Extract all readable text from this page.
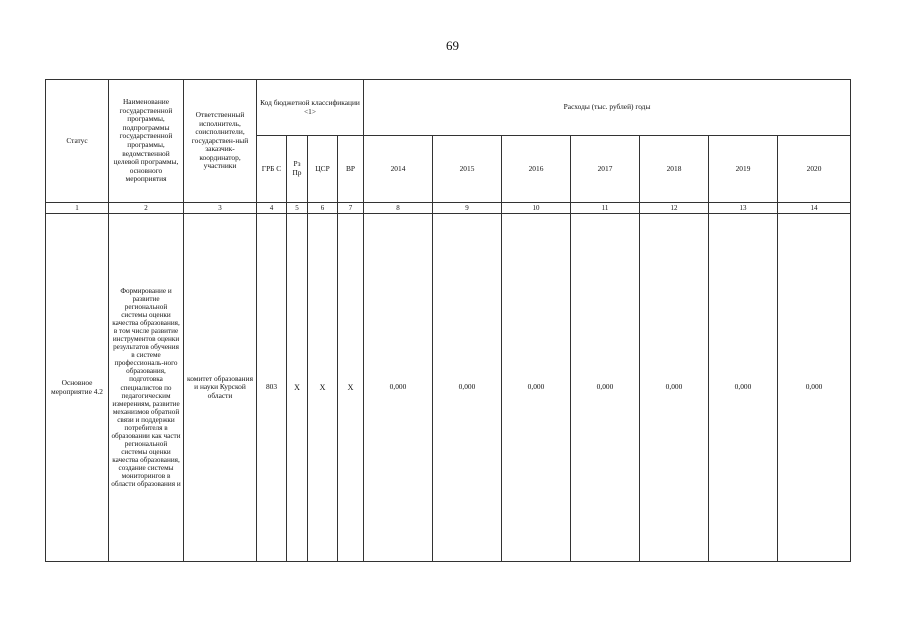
69
Статус	Наименование государственной программы, подпрограммы государственной программы, ведомственной целевой программы, основного мероприятия	Ответственный исполнитель, соисполнители, государствен-ный заказчик-координатор, участники	Код бюджетной классификации <1>				Расходы (тыс. рублей) годы						
			ГРБ С	Рз Пр	ЦСР	ВР	2014	2015	2016	2017	2018	2019	2020
1	2	3	4	5	6	7	8	9	10	11	12	13	14
Основное мероприятие 4.2	Формирование и развитие региональной системы оценки качества образования, в том числе развитие инструментов оценки результатов обучения в системе профессиональ-ного образования, подготовка специалистов по педагогическим измерениям, развитие механизмов обратной связи и поддержки потребителя в образовании как части региональной системы оценки качества образования, создание системы мониторингов в области образования и	комитет образования и науки Курской области	803	X	X	X	0,000	0,000	0,000	0,000	0,000	0,000	0,000
